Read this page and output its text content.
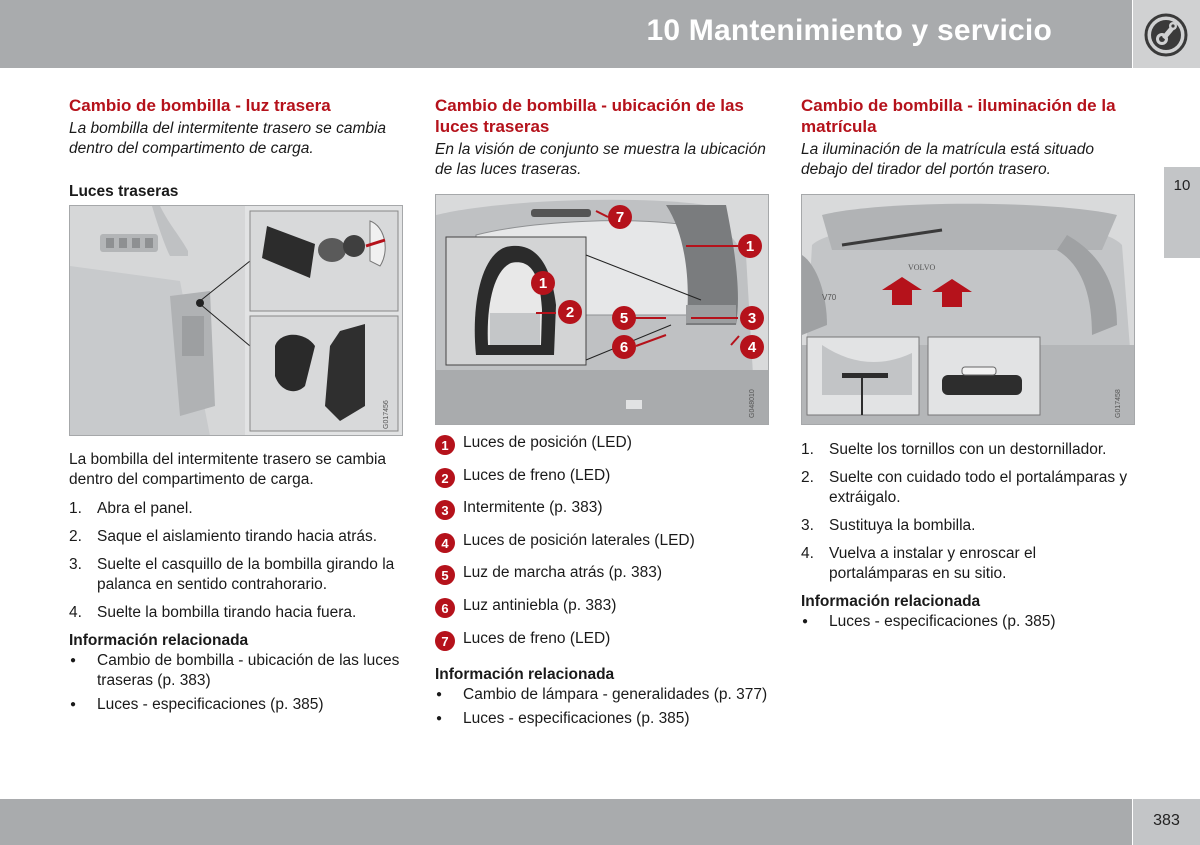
10 Mantenimiento y servicio
10
Cambio de bombilla - luz trasera
La bombilla del intermitente trasero se cambia dentro del compartimento de carga.
Luces traseras
G017456
La bombilla del intermitente trasero se cambia dentro del compartimento de carga.
1. Abra el panel.
2. Saque el aislamiento tirando hacia atrás.
3. Suelte el casquillo de la bombilla girando la palanca en sentido contrahorario.
4. Suelte la bombilla tirando hacia fuera.
Información relacionada
● Cambio de bombilla - ubicación de las luces traseras (p. 383)
● Luces - especificaciones (p. 385)
Cambio de bombilla - ubicación de las luces traseras
En la visión de conjunto se muestra la ubicación de las luces traseras.
7
1
2
1
5	3
6	4
G048010
1 Luces de posición (LED)
2 Luces de freno (LED)
3 Intermitente (p. 383)
4 Luces de posición laterales (LED)
5 Luz de marcha atrás (p. 383)
6 Luz antiniebla (p. 383)
7 Luces de freno (LED)
Información relacionada
● Cambio de lámpara - generalidades (p. 377)
● Luces - especificaciones (p. 385)
Cambio de bombilla - iluminación de la matrícula
La iluminación de la matrícula está situado debajo del tirador del portón trasero.
V70
VOLVO
G017458
1. Suelte los tornillos con un destornillador.
2. Suelte con cuidado todo el portalámparas y extráigalo.
3. Sustituya la bombilla.
4. Vuelva a instalar y enroscar el portalámparas en su sitio.
Información relacionada
● Luces - especificaciones (p. 385)
383
